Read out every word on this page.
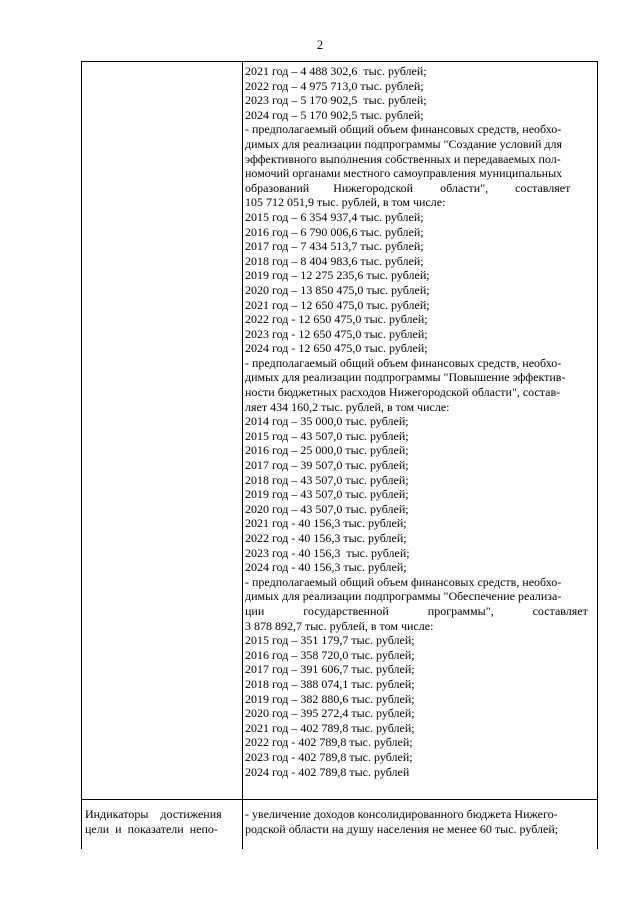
2
2021 год – 4 488 302,6  тыс. рублей;
2022 год – 4 975 713,0 тыс. рублей;
2023 год – 5 170 902,5  тыс. рублей;
2024 год – 5 170 902,5 тыс. рублей;
- предполагаемый общий объем финансовых средств, необхо-
димых для реализации подпрограммы "Создание условий для
эффективного выполнения собственных и передаваемых пол-
номочий органами местного самоуправления муниципальных
образований        Нижегородской         области",         составляет
105 712 051,9 тыс. рублей, в том числе:
2015 год – 6 354 937,4 тыс. рублей;
2016 год – 6 790 006,6 тыс. рублей;
2017 год – 7 434 513,7 тыс. рублей;
2018 год – 8 404 983,6 тыс. рублей;
2019 год – 12 275 235,6 тыс. рублей;
2020 год – 13 850 475,0 тыс. рублей;
2021 год – 12 650 475,0 тыс. рублей;
2022 год - 12 650 475,0 тыс. рублей;
2023 год - 12 650 475,0 тыс. рублей;
2024 год - 12 650 475,0 тыс. рублей;
- предполагаемый общий объем финансовых средств, необхо-
димых для реализации подпрограммы "Повышение эффектив-
ности бюджетных расходов Нижегородской области", состав-
ляет 434 160,2 тыс. рублей, в том числе:
2014 год – 35 000,0 тыс. рублей;
2015 год – 43 507,0 тыс. рублей;
2016 год – 25 000,0 тыс. рублей;
2017 год – 39 507,0 тыс. рублей;
2018 год – 43 507,0 тыс. рублей;
2019 год – 43 507,0 тыс. рублей;
2020 год – 43 507,0 тыс. рублей;
2021 год - 40 156,3 тыс. рублей;
2022 год - 40 156,3 тыс. рублей;
2023 год - 40 156,3  тыс. рублей;
2024 год - 40 156,3 тыс. рублей;
- предполагаемый общий объем финансовых средств, необхо-
димых для реализации подпрограммы "Обеспечение реализа-
ции             государственной             программы",             составляет
3 878 892,7 тыс. рублей, в том числе:
2015 год – 351 179,7 тыс. рублей;
2016 год – 358 720,0 тыс. рублей;
2017 год – 391 606,7 тыс. рублей;
2018 год – 388 074,1 тыс. рублей;
2019 год – 382 880,6 тыс. рублей;
2020 год – 395 272,4 тыс. рублей;
2021 год – 402 789,8 тыс. рублей;
2022 год - 402 789,8 тыс. рублей;
2023 год - 402 789,8 тыс. рублей;
2024 год - 402 789,8 тыс. рублей
Индикаторы    достижения
цели  и  показатели  непо-
- увеличение доходов консолидированного бюджета Нижего-
родской области на душу населения не менее 60 тыс. рублей;
